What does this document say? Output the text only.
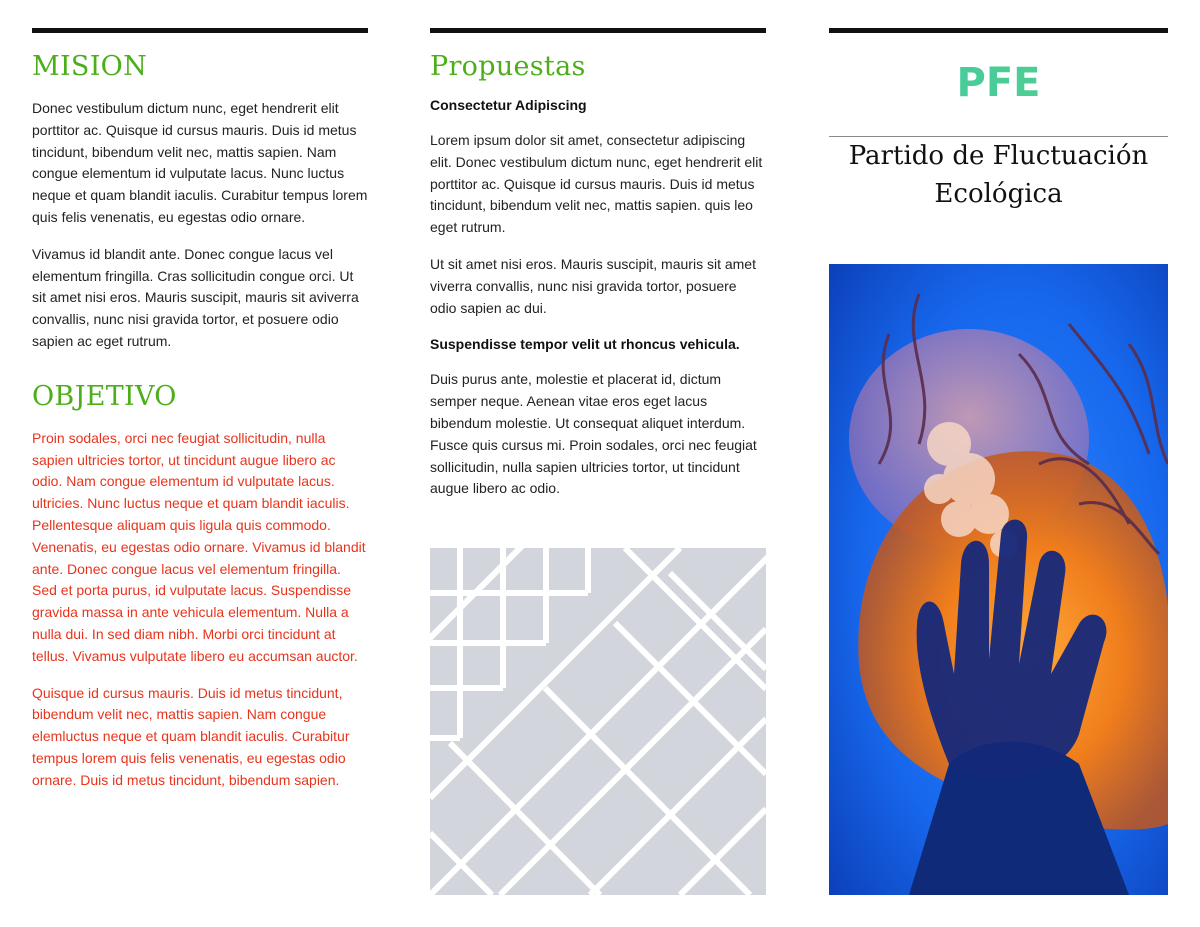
MISION

Donec vestibulum dictum nunc, eget hendrerit elit porttitor ac. Quisque id cursus mauris. Duis id metus tincidunt, bibendum velit nec, mattis sapien. Nam congue elementum id vulputate lacus. Nunc luctus neque et quam blandit iaculis. Curabitur tempus lorem quis felis venenatis, eu egestas odio ornare.

Vivamus id blandit ante. Donec congue lacus vel elementum fringilla. Cras sollicitudin congue orci. Ut sit amet nisi eros. Mauris suscipit, mauris sit aviverra convallis, nunc nisi gravida tortor, et posuere odio sapien ac eget rutrum.

OBJETIVO

Proin sodales, orci nec feugiat sollicitudin, nulla sapien ultricies tortor, ut tincidunt augue libero ac odio. Nam congue elementum id vulputate lacus. ultricies. Nunc luctus neque et quam blandit iaculis. Pellentesque aliquam quis ligula quis commodo. Venenatis, eu egestas odio ornare. Vivamus id blandit ante. Donec congue lacus vel elementum fringilla. Sed et porta purus, id vulputate lacus. Suspendisse gravida massa in ante vehicula elementum. Nulla a nulla dui. In sed diam nibh. Morbi orci tincidunt at tellus. Vivamus vulputate libero eu accumsan auctor.

Quisque id cursus mauris. Duis id metus tincidunt, bibendum velit nec, mattis sapien. Nam congue elemluctus neque et quam blandit iaculis. Curabitur tempus lorem quis felis venenatis, eu egestas odio ornare. Duis id metus tincidunt, bibendum sapien.

Propuestas

Consectetur Adipiscing

Lorem ipsum dolor sit amet, consectetur adipiscing elit. Donec vestibulum dictum nunc, eget hendrerit elit porttitor ac. Quisque id cursus mauris. Duis id metus tincidunt, bibendum velit nec, mattis sapien. quis leo eget rutrum.

Ut sit amet nisi eros. Mauris suscipit, mauris sit amet viverra convallis, nunc nisi gravida tortor, posuere odio sapien ac dui.

Suspendisse tempor velit ut rhoncus vehicula.

Duis purus ante, molestie et placerat id, dictum semper neque. Aenean vitae eros eget lacus bibendum molestie. Ut consequat aliquet interdum. Fusce quis cursus mi. Proin sodales, orci nec feugiat sollicitudin, nulla sapien ultricies tortor, ut tincidunt augue libero ac odio.

PFE
Partido de Fluctuación
Ecológica
